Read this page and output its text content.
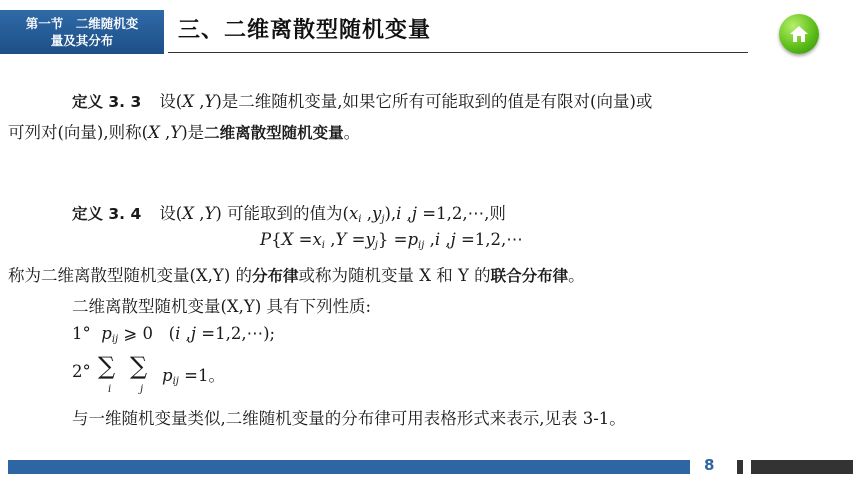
第一节　二维随机变
量及其分布	三、二维离散型随机变量
定义 3. 3 设(X ,Y)是二维随机变量,如果它所有可能取到的值是有限对(向量)或
可列对(向量),则称(X ,Y)是二维离散型随机变量。
定义 3. 4 设(X ,Y) 可能取到的值为($x_i$ $,y_j),i$ ,j =1,2,⋯,则
$P\{X =x_i$ $,Y =y_j\} =p_{ij}$ ,i ,j =1,2,⋯
称为二维离散型随机变量(X,Y) 的分布律或称为随机变量 X 和 Y 的联合分布律。
二维离散型随机变量(X,Y) 具有下列性质:
1°  $p_{ij}$ ⩾ 0   (i ,j =1,2,⋯);
2° ∑
i
∑
j
$p_{ij} =1$。
与一维随机变量类似,二维随机变量的分布律可用表格形式来表示,见表 3-1。
8
